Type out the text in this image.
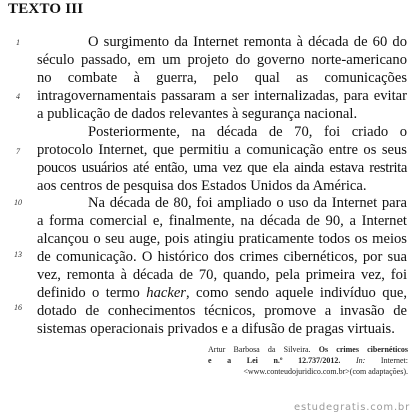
TEXTO III
1
4
7
10
13
16
O surgimento da Internet remonta à década de 60 do
século passado, em um projeto do governo norte-americano
no combate à guerra, pelo qual as comunicações
intragovernamentais passaram a ser internalizadas, para evitar
a publicação de dados relevantes à segurança nacional.
Posteriormente, na década de 70, foi criado o
protocolo Internet, que permitiu a comunicação entre os seus
poucos usuários até então, uma vez que ela ainda estava restrita
aos centros de pesquisa dos Estados Unidos da América.
Na década de 80, foi ampliado o uso da Internet para
a forma comercial e, finalmente, na década de 90, a Internet
alcançou o seu auge, pois atingiu praticamente todos os meios
de comunicação. O histórico dos crimes cibernéticos, por sua
vez, remonta à década de 70, quando, pela primeira vez, foi
definido o termo hacker, como sendo aquele indivíduo que,
dotado de conhecimentos técnicos, promove a invasão de
sistemas operacionais privados e a difusão de pragas virtuais.
Artur Barbosa da Silveira. Os crimes cibernéticos
e a Lei n.º 12.737/2012. In: Internet:
<www.conteudojuridico.com.br>(com adaptações).
estudegratis.com.br
